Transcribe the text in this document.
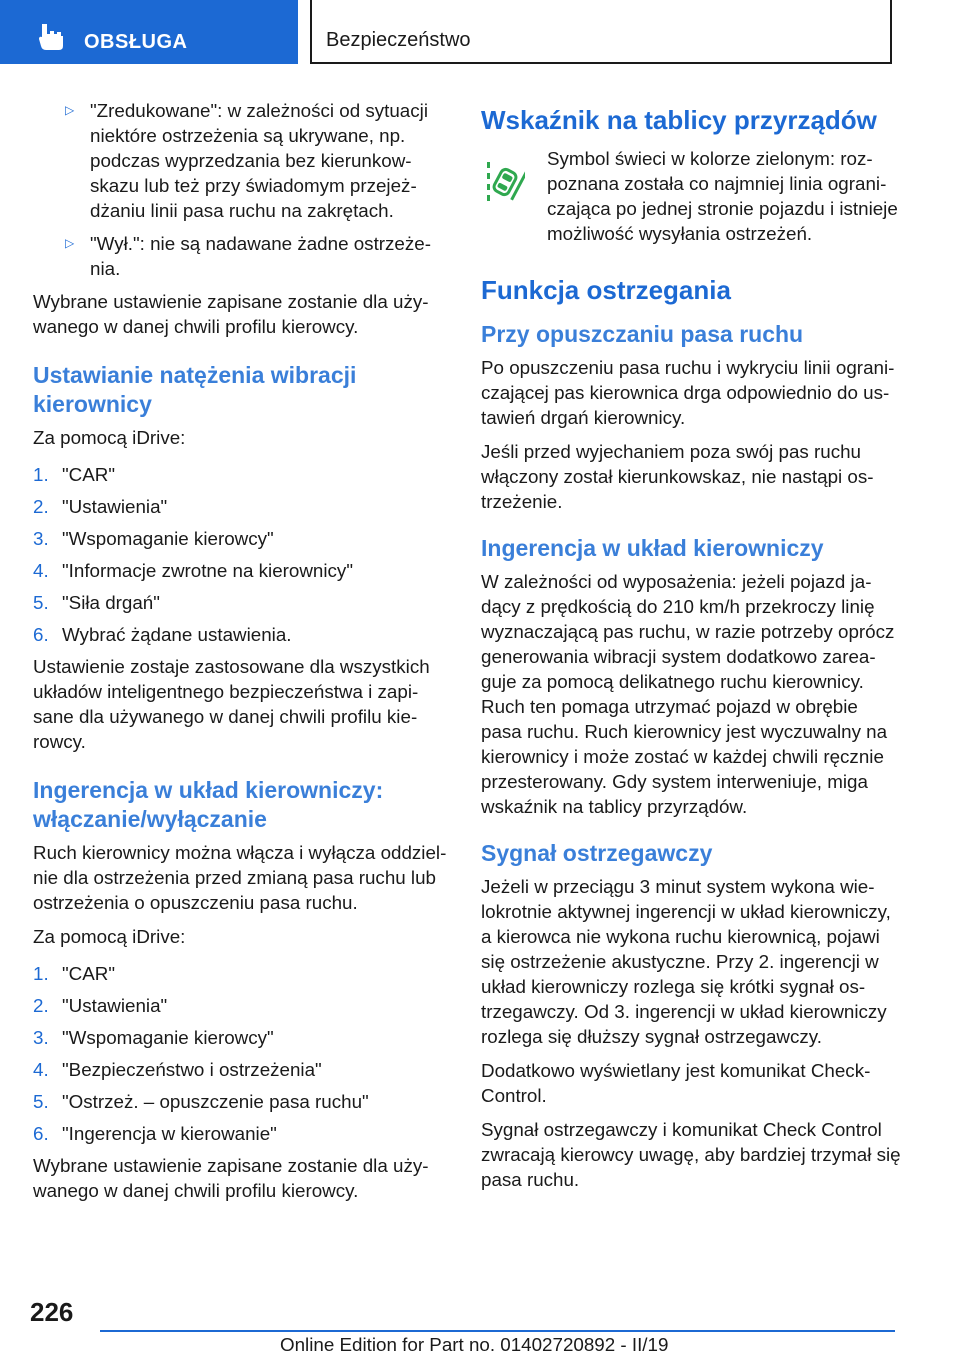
OBSŁUGA	Bezpieczeństwo
▷ "Zredukowane": w zależności od sytuacji niektóre ostrzeżenia są ukrywane, np. podczas wyprzedzania bez kierunkowskazu lub też przy świadomym przejeżdżaniu linii pasa ruchu na zakrętach.
▷ "Wył.": nie są nadawane żadne ostrzeżenia.

Wybrane ustawienie zapisane zostanie dla używanego w danej chwili profilu kierowcy.

Ustawianie natężenia wibracji kierownicy

Za pomocą iDrive:

1. "CAR"
2. "Ustawienia"
3. "Wspomaganie kierowcy"
4. "Informacje zwrotne na kierownicy"
5. "Siła drgań"
6. Wybrać żądane ustawienia.

Ustawienie zostaje zastosowane dla wszystkich układów inteligentnego bezpieczeństwa i zapisane dla używanego w danej chwili profilu kierowcy.

Ingerencja w układ kierowniczy: włączanie/wyłączanie

Ruch kierownicy można włącza i wyłącza oddzielnie dla ostrzeżenia przed zmianą pasa ruchu lub ostrzeżenia o opuszczeniu pasa ruchu.

Za pomocą iDrive:

1. "CAR"
2. "Ustawienia"
3. "Wspomaganie kierowcy"
4. "Bezpieczeństwo i ostrzeżenia"
5. "Ostrzeż. – opuszczenie pasa ruchu"
6. "Ingerencja w kierowanie"

Wybrane ustawienie zapisane zostanie dla używanego w danej chwili profilu kierowcy.

Wskaźnik na tablicy przyrządów

Symbol świeci w kolorze zielonym: rozpoznana została co najmniej linia ograniczająca po jednej stronie pojazdu i istnieje możliwość wysyłania ostrzeżeń.

Funkcja ostrzegania
Przy opuszczaniu pasa ruchu

Po opuszczeniu pasa ruchu i wykryciu linii ograniczającej pas kierownica drga odpowiednio do ustawień drgań kierownicy.

Jeśli przed wyjechaniem poza swój pas ruchu włączony został kierunkowskaz, nie nastąpi ostrzeżenie.

Ingerencja w układ kierowniczy

W zależności od wyposażenia: jeżeli pojazd jadący z prędkością do 210 km/h przekroczy linię wyznaczającą pas ruchu, w razie potrzeby oprócz generowania wibracji system dodatkowo zareaguje za pomocą delikatnego ruchu kierownicy. Ruch ten pomaga utrzymać pojazd w obrębie pasa ruchu. Ruch kierownicy jest wyczuwalny na kierownicy i może zostać w każdej chwili ręcznie przesterowany. Gdy system interweniuje, miga wskaźnik na tablicy przyrządów.

Sygnał ostrzegawczy

Jeżeli w przeciągu 3 minut system wykona wielokrotnie aktywnej ingerencji w układ kierowniczy, a kierowca nie wykona ruchu kierownicą, pojawi się ostrzeżenie akustyczne. Przy 2. ingerencji w układ kierowniczy rozlega się krótki sygnał ostrzegawczy. Od 3. ingerencji w układ kierowniczy rozlega się dłuższy sygnał ostrzegawczy.

Dodatkowo wyświetlany jest komunikat Check-Control.

Sygnał ostrzegawczy i komunikat Check Control zwracają kierowcy uwagę, aby bardziej trzymał się pasa ruchu.

226
Online Edition for Part no. 01402720892 - II/19
